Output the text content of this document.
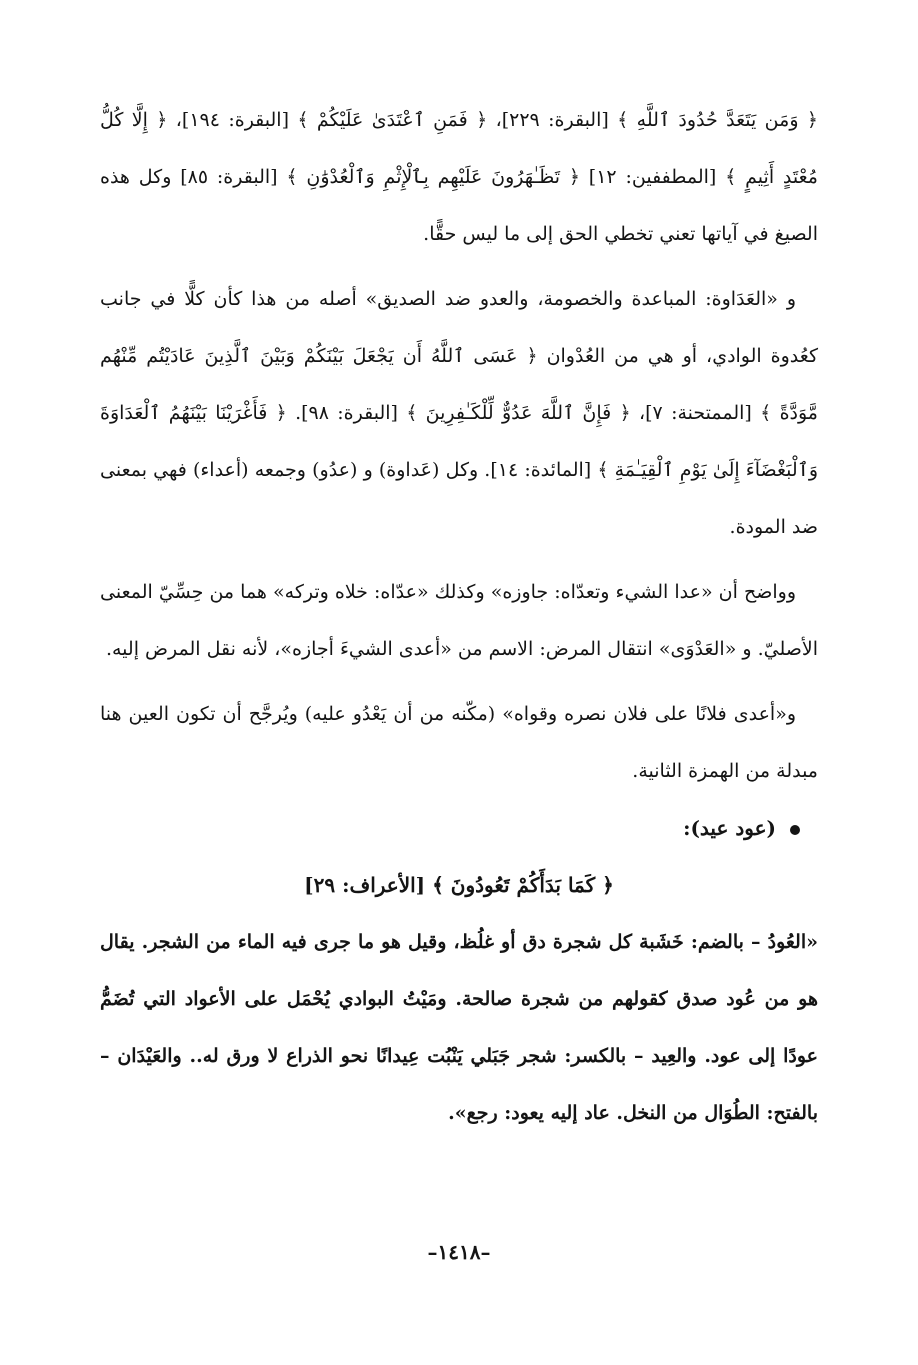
﴿ وَمَن يَتَعَدَّ حُدُودَ ٱللَّهِ ﴾ [البقرة: ٢٢٩]، ﴿ فَمَنِ ٱعْتَدَىٰ عَلَيْكُمْ ﴾ [البقرة: ١٩٤]، ﴿ إِلَّا كُلُّ مُعْتَدٍ أَثِيمٍ ﴾ [المطففين: ١٢] ﴿ تَظَـٰهَرُونَ عَلَيْهِم بِٱلْإِثْمِ وَٱلْعُدْوَٰنِ ﴾ [البقرة: ٨٥] وكل هذه الصيغ في آياتها تعني تخطي الحق إلى ما ليس حقًّا.

و «العَدَاوة: المباعدة والخصومة، والعدو ضد الصديق» أصله من هذا كأن كلًّا في جانب كعُدوة الوادي، أو هي من العُدْوان ﴿ عَسَى ٱللَّهُ أَن يَجْعَلَ بَيْنَكُمْ وَبَيْنَ ٱلَّذِينَ عَادَيْتُم مِّنْهُم مَّوَدَّةً ﴾ [الممتحنة: ٧]، ﴿ فَإِنَّ ٱللَّهَ عَدُوٌّ لِّلْكَـٰفِرِينَ ﴾ [البقرة: ٩٨]. ﴿ فَأَغْرَيْنَا بَيْنَهُمُ ٱلْعَدَاوَةَ وَٱلْبَغْضَآءَ إِلَىٰ يَوْمِ ٱلْقِيَـٰمَةِ ﴾ [المائدة: ١٤]. وكل (عَداوة) و (عدُو) وجمعه (أعداء) فهي بمعنى ضد المودة.

وواضح أن «عدا الشيء وتعدّاه: جاوزه» وكذلك «عدّاه: خلاه وتركه» هما من حِسِّيّ المعنى الأصليّ. و «العَدْوَى» انتقال المرض: الاسم من «أعدى الشيءَ أجازه»، لأنه نقل المرض إليه.

و«أعدى فلانًا على فلان نصره وقواه» (مكّنه من أن يَعْدُو عليه) ويُرجَّح أن تكون العين هنا مبدلة من الهمزة الثانية.

(عود عيد):

﴿ كَمَا بَدَأَكُمْ تَعُودُونَ ﴾ [الأعراف: ٢٩]

«العُودُ – بالضم: خَشَبة كل شجرة دق أو غلُظ، وقيل هو ما جرى فيه الماء من الشجر. يقال هو من عُود صدق كقولهم من شجرة صالحة. ومَيْتُ البوادي يُحْمَل على الأعواد التي تُضَمُّ عودًا إلى عود. والعِيد – بالكسر: شجر جَبَلي يَنْبُت عِيدانًا نحو الذراع لا ورق له.. والعَيْدَان – بالفتح: الطُوَال من النخل. عاد إليه يعود: رجع».

–١٤١٨–
